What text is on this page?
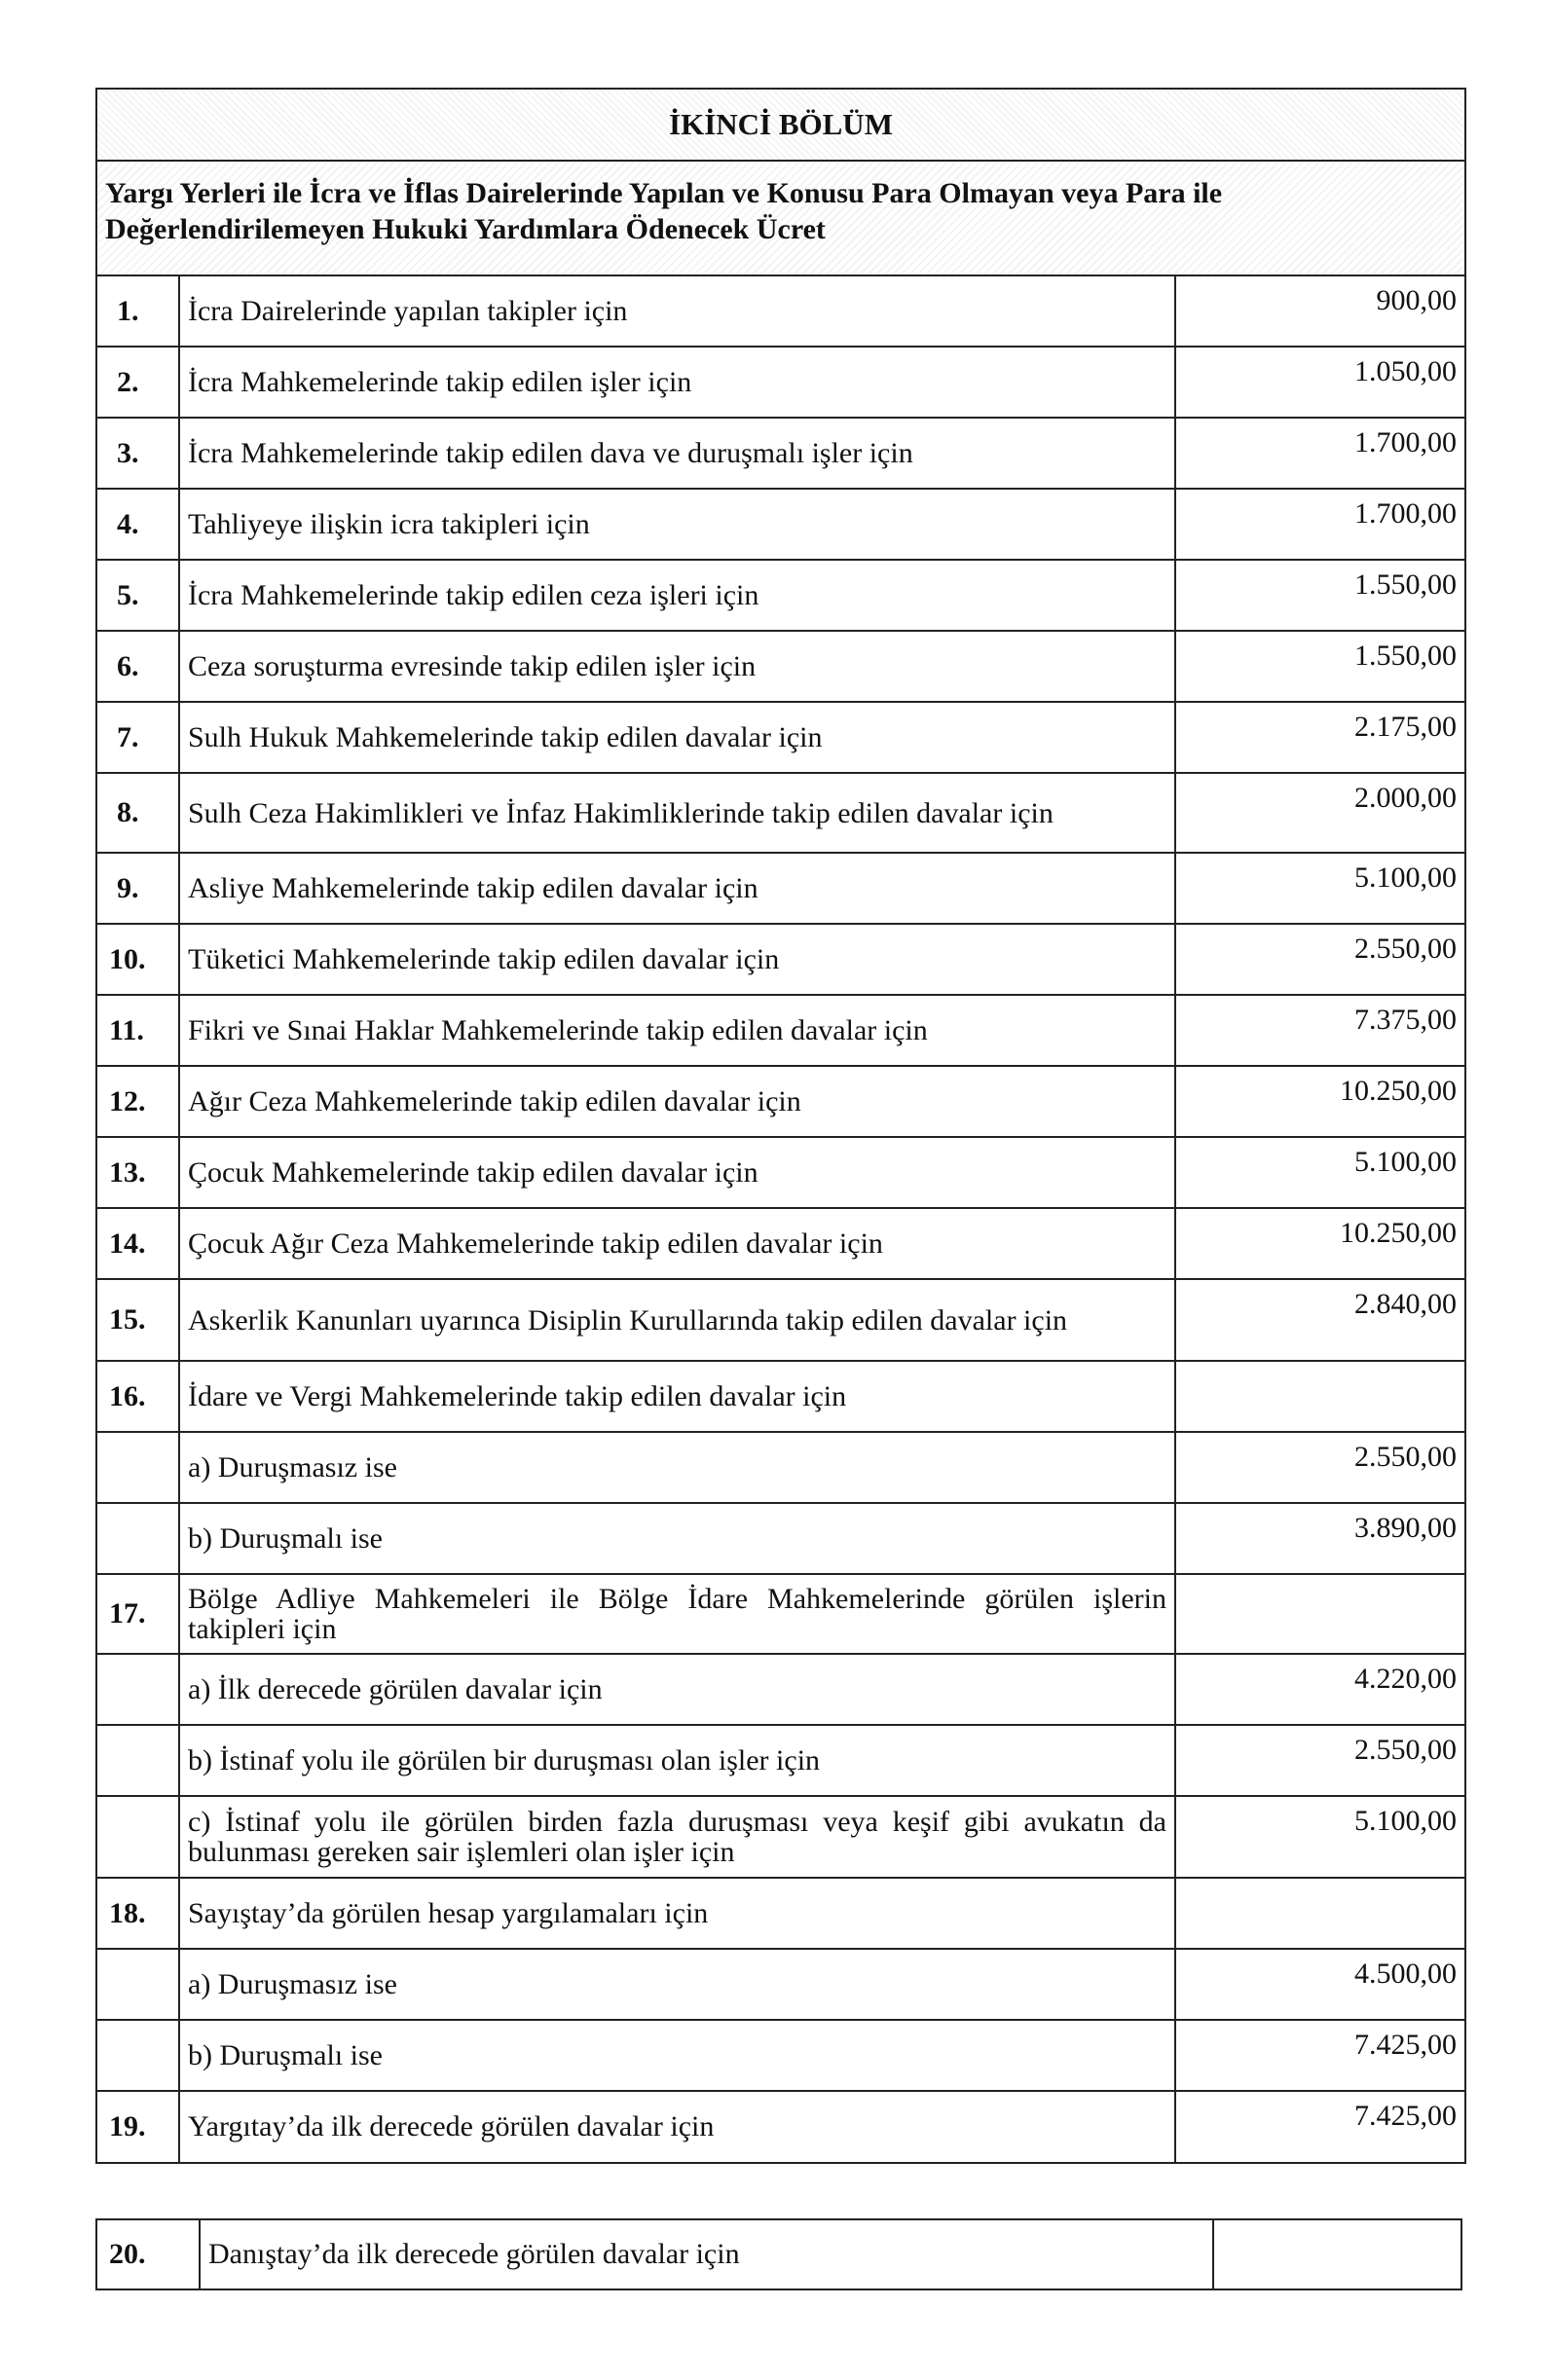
İKİNCİ BÖLÜM
Yargı Yerleri ile İcra ve İflas Dairelerinde Yapılan ve Konusu Para Olmayan veya Para ile Değerlendirilemeyen Hukuki Yardımlara Ödenecek Ücret
1.	İcra Dairelerinde yapılan takipler için	900,00
2.	İcra Mahkemelerinde takip edilen işler için	1.050,00
3.	İcra Mahkemelerinde takip edilen dava ve duruşmalı işler için	1.700,00
4.	Tahliyeye ilişkin icra takipleri için	1.700,00
5.	İcra Mahkemelerinde takip edilen ceza işleri için	1.550,00
6.	Ceza soruşturma evresinde takip edilen işler için	1.550,00
7.	Sulh Hukuk Mahkemelerinde takip edilen davalar için	2.175,00
8.	Sulh Ceza Hakimlikleri ve İnfaz Hakimliklerinde takip edilen davalar için	2.000,00
9.	Asliye Mahkemelerinde takip edilen davalar için	5.100,00
10.	Tüketici Mahkemelerinde takip edilen davalar için	2.550,00
11.	Fikri ve Sınai Haklar Mahkemelerinde takip edilen davalar için	7.375,00
12.	Ağır Ceza Mahkemelerinde takip edilen davalar için	10.250,00
13.	Çocuk Mahkemelerinde takip edilen davalar için	5.100,00
14.	Çocuk Ağır Ceza Mahkemelerinde takip edilen davalar için	10.250,00
15.	Askerlik Kanunları uyarınca Disiplin Kurullarında takip edilen davalar için	2.840,00
16.	İdare ve Vergi Mahkemelerinde takip edilen davalar için	
	a) Duruşmasız ise	2.550,00
	b) Duruşmalı ise	3.890,00
17.	Bölge Adliye Mahkemeleri ile Bölge İdare Mahkemelerinde görülen işlerin takipleri için	
	a) İlk derecede görülen davalar için	4.220,00
	b) İstinaf yolu ile görülen bir duruşması olan işler için	2.550,00
	c) İstinaf yolu ile görülen birden fazla duruşması veya keşif gibi avukatın da bulunması gereken sair işlemleri olan işler için	5.100,00
18.	Sayıştay’da görülen hesap yargılamaları için	
	a) Duruşmasız ise	4.500,00
	b) Duruşmalı ise	7.425,00
19.	Yargıtay’da ilk derecede görülen davalar için	7.425,00
20.	Danıştay’da ilk derecede görülen davalar için	
